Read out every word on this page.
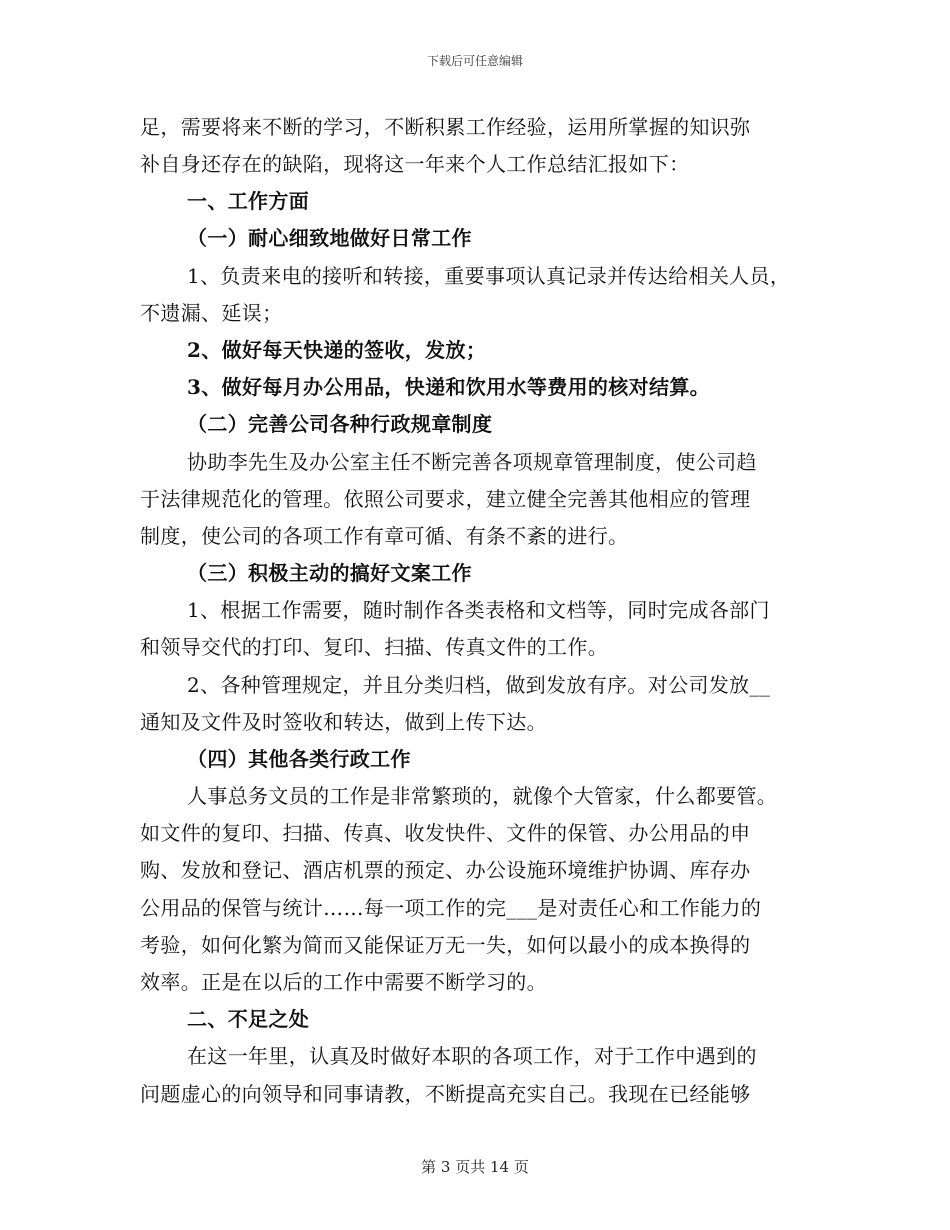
下载后可任意编辑
足，需要将来不断的学习，不断积累工作经验，运用所掌握的知识弥
补自身还存在的缺陷，现将这一年来个人工作总结汇报如下：
一、工作方面
（一）耐心细致地做好日常工作
1、负责来电的接听和转接，重要事项认真记录并传达给相关人员，
不遗漏、延误；
2、做好每天快递的签收，发放；
3、做好每月办公用品，快递和饮用水等费用的核对结算。
（二）完善公司各种行政规章制度
协助李先生及办公室主任不断完善各项规章管理制度，使公司趋
于法律规范化的管理。依照公司要求，建立健全完善其他相应的管理
制度，使公司的各项工作有章可循、有条不紊的进行。
（三）积极主动的搞好文案工作
1、根据工作需要，随时制作各类表格和文档等，同时完成各部门
和领导交代的打印、复印、扫描、传真文件的工作。
2、各种管理规定，并且分类归档，做到发放有序。对公司发放__
通知及文件及时签收和转达，做到上传下达。
（四）其他各类行政工作
人事总务文员的工作是非常繁琐的，就像个大管家，什么都要管。
如文件的复印、扫描、传真、收发快件、文件的保管、办公用品的申
购、发放和登记、酒店机票的预定、办公设施环境维护协调、库存办
公用品的保管与统计……每一项工作的完___是对责任心和工作能力的
考验，如何化繁为简而又能保证万无一失，如何以最小的成本换得的
效率。正是在以后的工作中需要不断学习的。
二、不足之处
在这一年里，认真及时做好本职的各项工作，对于工作中遇到的
问题虚心的向领导和同事请教，不断提高充实自己。我现在已经能够
第 3 页共 14 页
